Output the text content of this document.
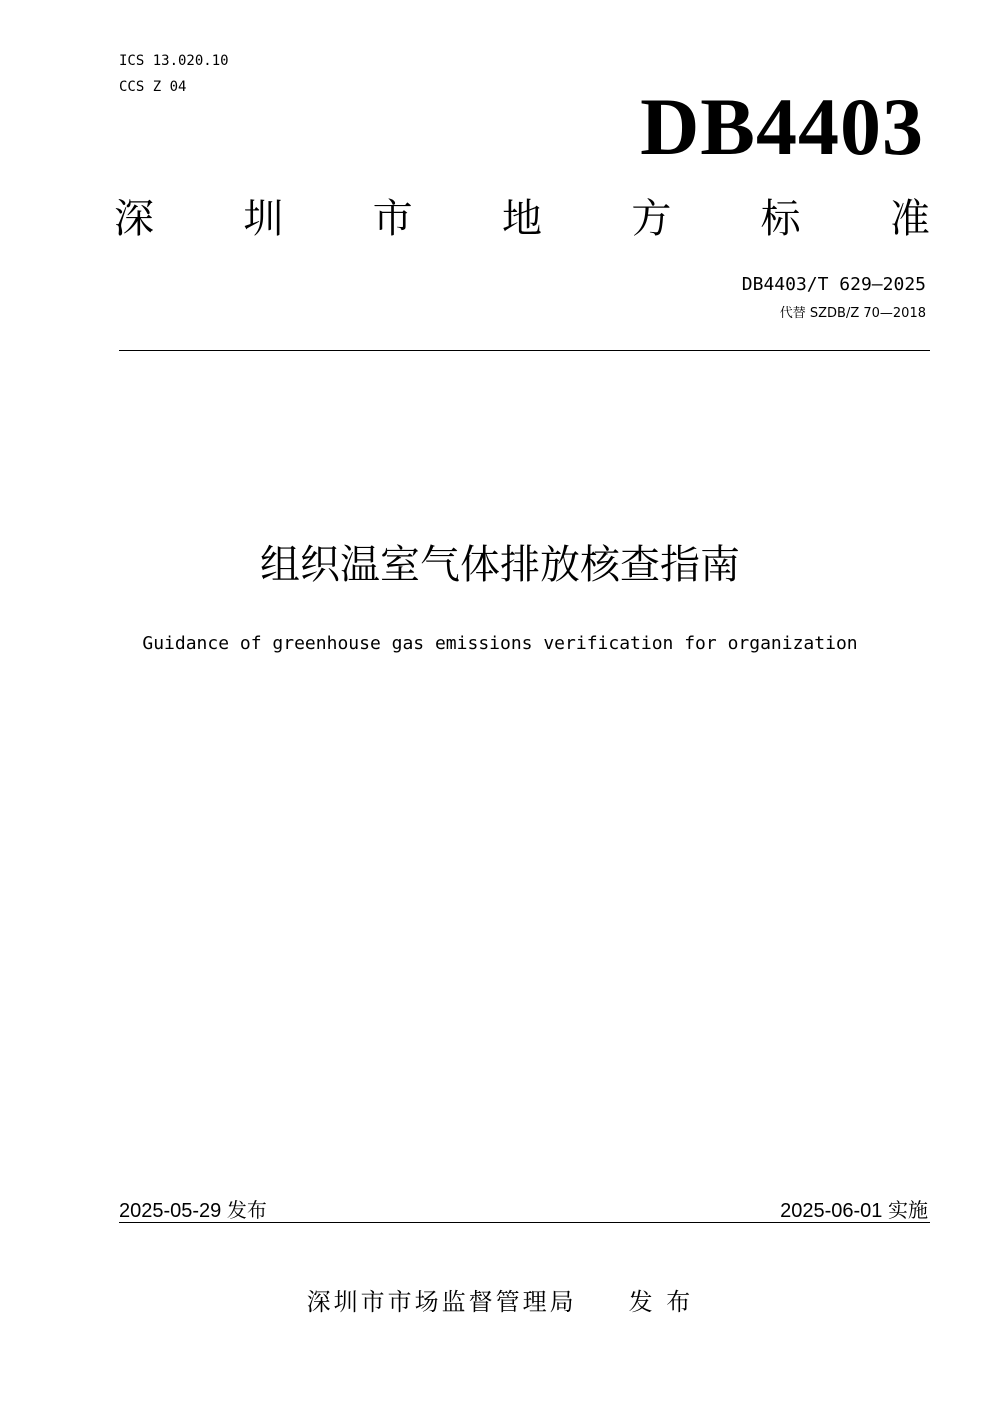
ICS 13.020.10
CCS Z 04	DB4403
深 圳 市 地 方 标 准
DB4403/T 629—2025
代替 SZDB/Z 70—2018
组织温室气体排放核查指南
Guidance of greenhouse gas emissions verification for organization
2025-05-29 发布	2025-06-01 实施
深圳市市场监督管理局 发 布
